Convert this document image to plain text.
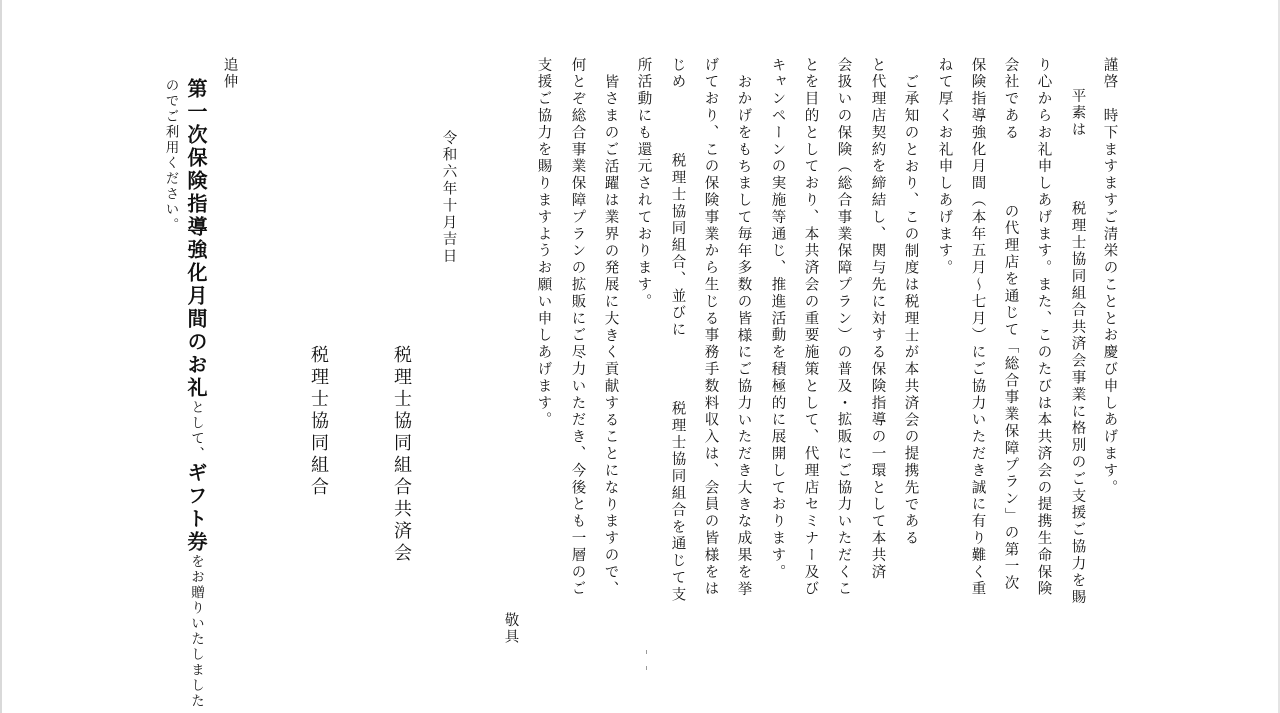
謹啓　時下ますますご清栄のこととお慶び申しあげます。
平素は税理士協同組合共済会事業に格別のご支援ご協力を賜
り心からお礼申しあげます。また、このたびは本共済会の提携生命保険
会社であるの代理店を通じて「総合事業保障プラン」の第一次
保険指導強化月間（本年五月～七月）にご協力いただき誠に有り難く重
ねて厚くお礼申しあげます。
ご承知のとおり、この制度は税理士が本共済会の提携先である
と代理店契約を締結し、関与先に対する保険指導の一環として本共済
会扱いの保険（総合事業保障プラン）の普及・拡販にご協力いただくこ
とを目的としており、本共済会の重要施策として、代理店セミナー及び
キャンペーンの実施等通じ、推進活動を積極的に展開しております。
おかげをもちまして毎年多数の皆様にご協力いただき大きな成果を挙
げており、この保険事業から生じる事務手数料収入は、会員の皆様をは
じめ税理士協同組合、並びに税理士協同組合を通じて支
所活動にも還元されております。
皆さまのご活躍は業界の発展に大きく貢献することになりますので、
何とぞ総合事業保障プランの拡販にご尽力いただき、今後とも一層のご
支援ご協力を賜りますようお願い申しあげます。
敬具
令和六年十月吉日
税理士協同組合共済会
税理士協同組合
追伸
第一次保険指導強化月間のお礼として、ギフト券をお贈りいたしました
のでご利用ください。
